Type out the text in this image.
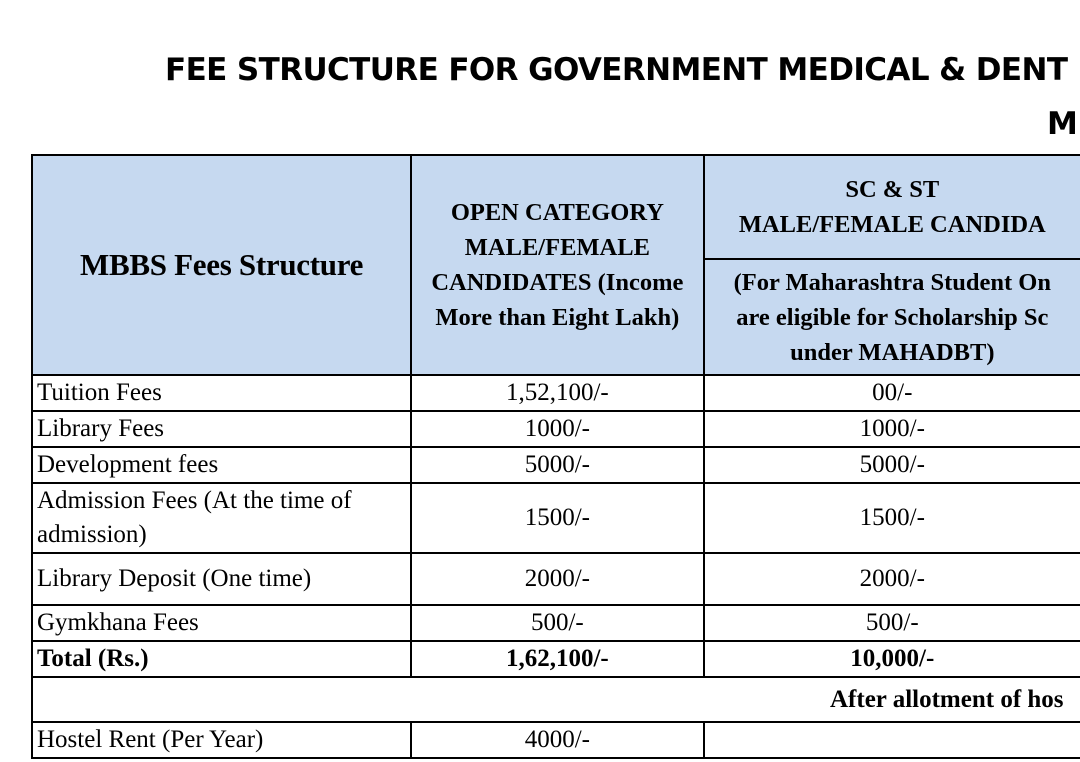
FEE STRUCTURE FOR GOVERNMENT MEDICAL & DENT
M
MBBS Fees Structure	OPEN CATEGORY MALE/FEMALE CANDIDATES (Income More than Eight Lakh)	SC & ST
MALE/FEMALE CANDIDA

		(For Maharashtra Student On
are eligible for Scholarship Sc
under MAHADBT)

Tuition Fees	1,52,100/-	00/-
Library Fees	1000/-	1000/-
Development fees	5000/-	5000/-
Admission Fees (At the time of admission)	1500/-	1500/-
Library Deposit (One time)	2000/-	2000/-
Gymkhana Fees	500/-	500/-
Total (Rs.)	1,62,100/-	10,000/-
After allotment of hos		
Hostel Rent (Per Year)	4000/-	
